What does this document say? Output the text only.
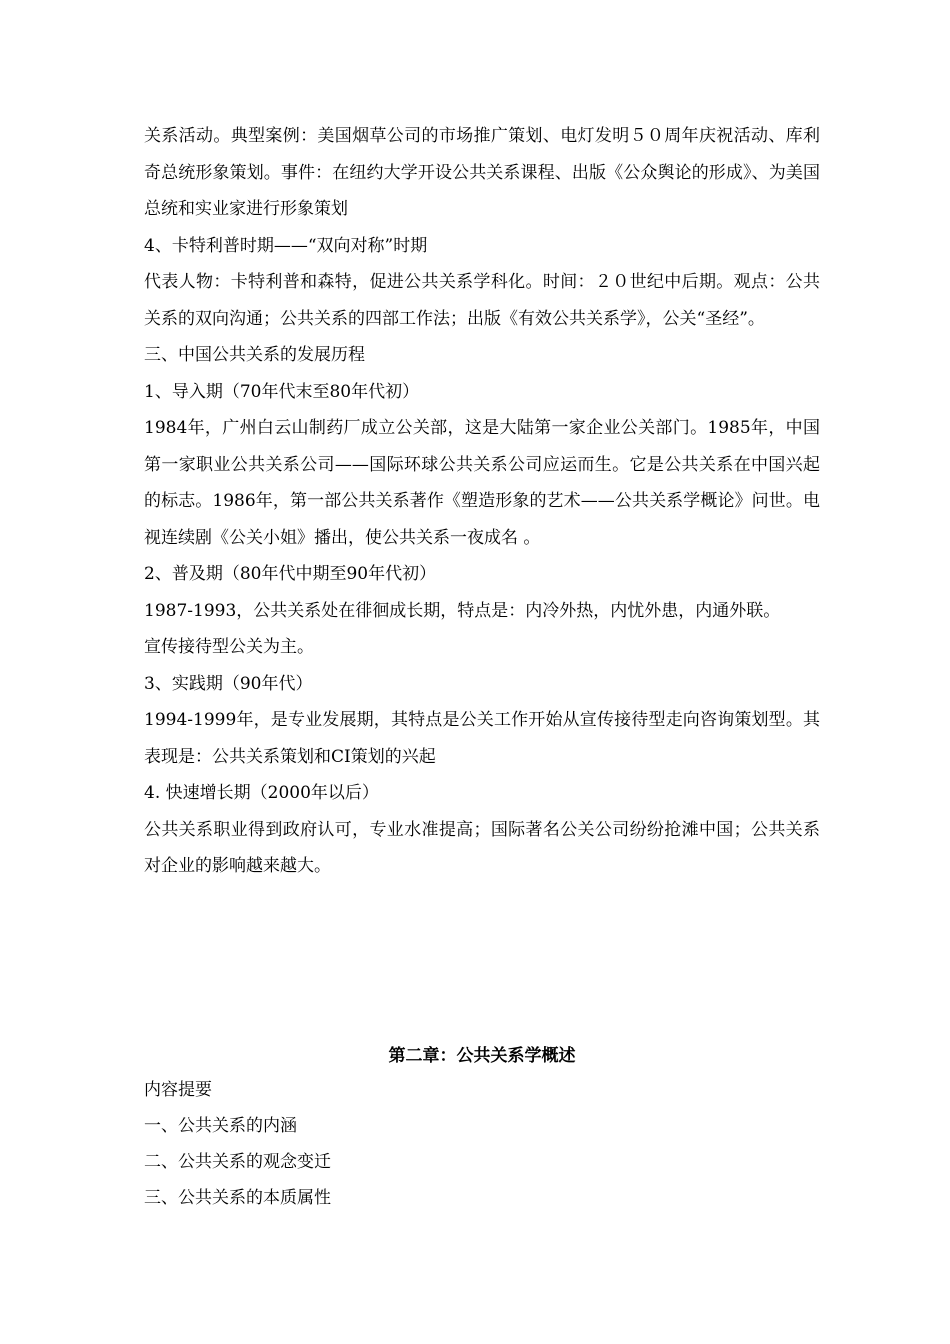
关系活动。典型案例：美国烟草公司的市场推广策划、电灯发明５０周年庆祝活动、库利奇总统形象策划。事件：在纽约大学开设公共关系课程、出版《公众舆论的形成》、为美国总统和实业家进行形象策划

4、卡特利普时期——“双向对称”时期

代表人物：卡特利普和森特，促进公共关系学科化。时间：２０世纪中后期。观点：公共关系的双向沟通；公共关系的四部工作法；出版《有效公共关系学》，公关“圣经”。

三、中国公共关系的发展历程

1、导入期（70年代末至80年代初）

1984年，广州白云山制药厂成立公关部，这是大陆第一家企业公关部门。1985年，中国第一家职业公共关系公司——国际环球公共关系公司应运而生。它是公共关系在中国兴起的标志。1986年，第一部公共关系著作《塑造形象的艺术——公共关系学概论》问世。电视连续剧《公关小姐》播出，使公共关系一夜成名 。

2、普及期（80年代中期至90年代初）

1987-1993，公共关系处在徘徊成长期，特点是：内冷外热，内忧外患，内通外联。

宣传接待型公关为主。

3、实践期（90年代）

1994-1999年，是专业发展期，其特点是公关工作开始从宣传接待型走向咨询策划型。其表现是：公共关系策划和CI策划的兴起

4. 快速增长期（2000年以后）

公共关系职业得到政府认可，专业水准提高；国际著名公关公司纷纷抢滩中国；公共关系对企业的影响越来越大。

第二章：公共关系学概述

内容提要

一、公共关系的内涵

二、公共关系的观念变迁

三、公共关系的本质属性
